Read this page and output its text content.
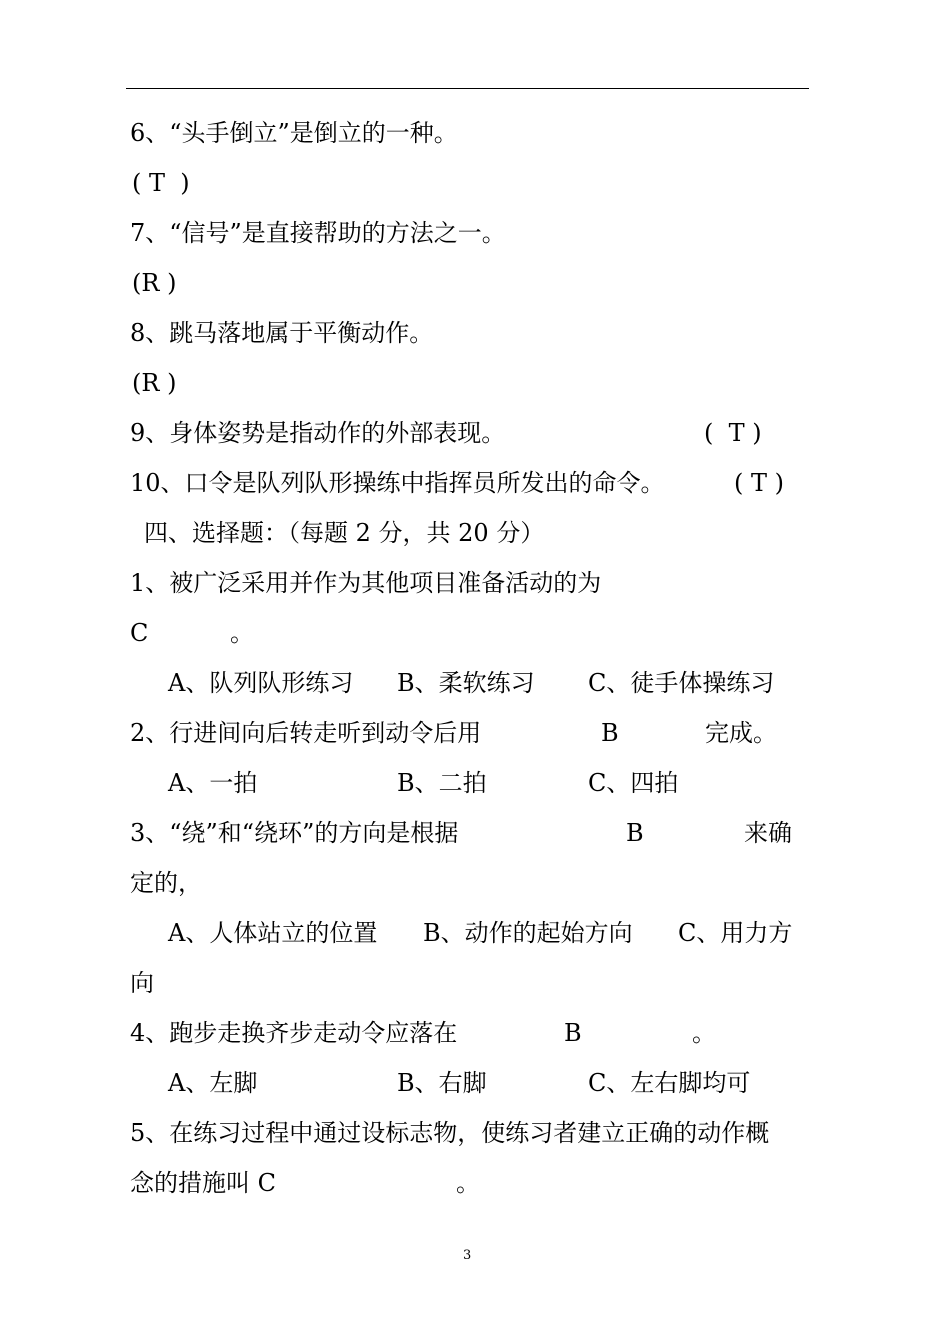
6、“头手倒立”是倒立的一种。
( T  )
7、“信号”是直接帮助的方法之一。
(R )
8、跳马落地属于平衡动作。
(R )
9、身体姿势是指动作的外部表现。	(  T )
10、口令是队列队形操练中指挥员所发出的命令。	( T )
四、选择题：（每题 2 分，共 20 分）
1、被广泛采用并作为其他项目准备活动的为
C	。
A、队列队形练习 B、柔软练习 C、徒手体操练习
2、行进间向后转走听到动令后用	B	完成。
A、一拍	B、二拍	C、四拍
3、“绕”和“绕环”的方向是根据	B	来确
定的，
A、人体站立的位置 B、动作的起始方向 C、用力方
向
4、跑步走换齐步走动令应落在	B	。
A、左脚	B、右脚	C、左右脚均可
5、在练习过程中通过设标志物，使练习者建立正确的动作概
念的措施叫 C	。
3
